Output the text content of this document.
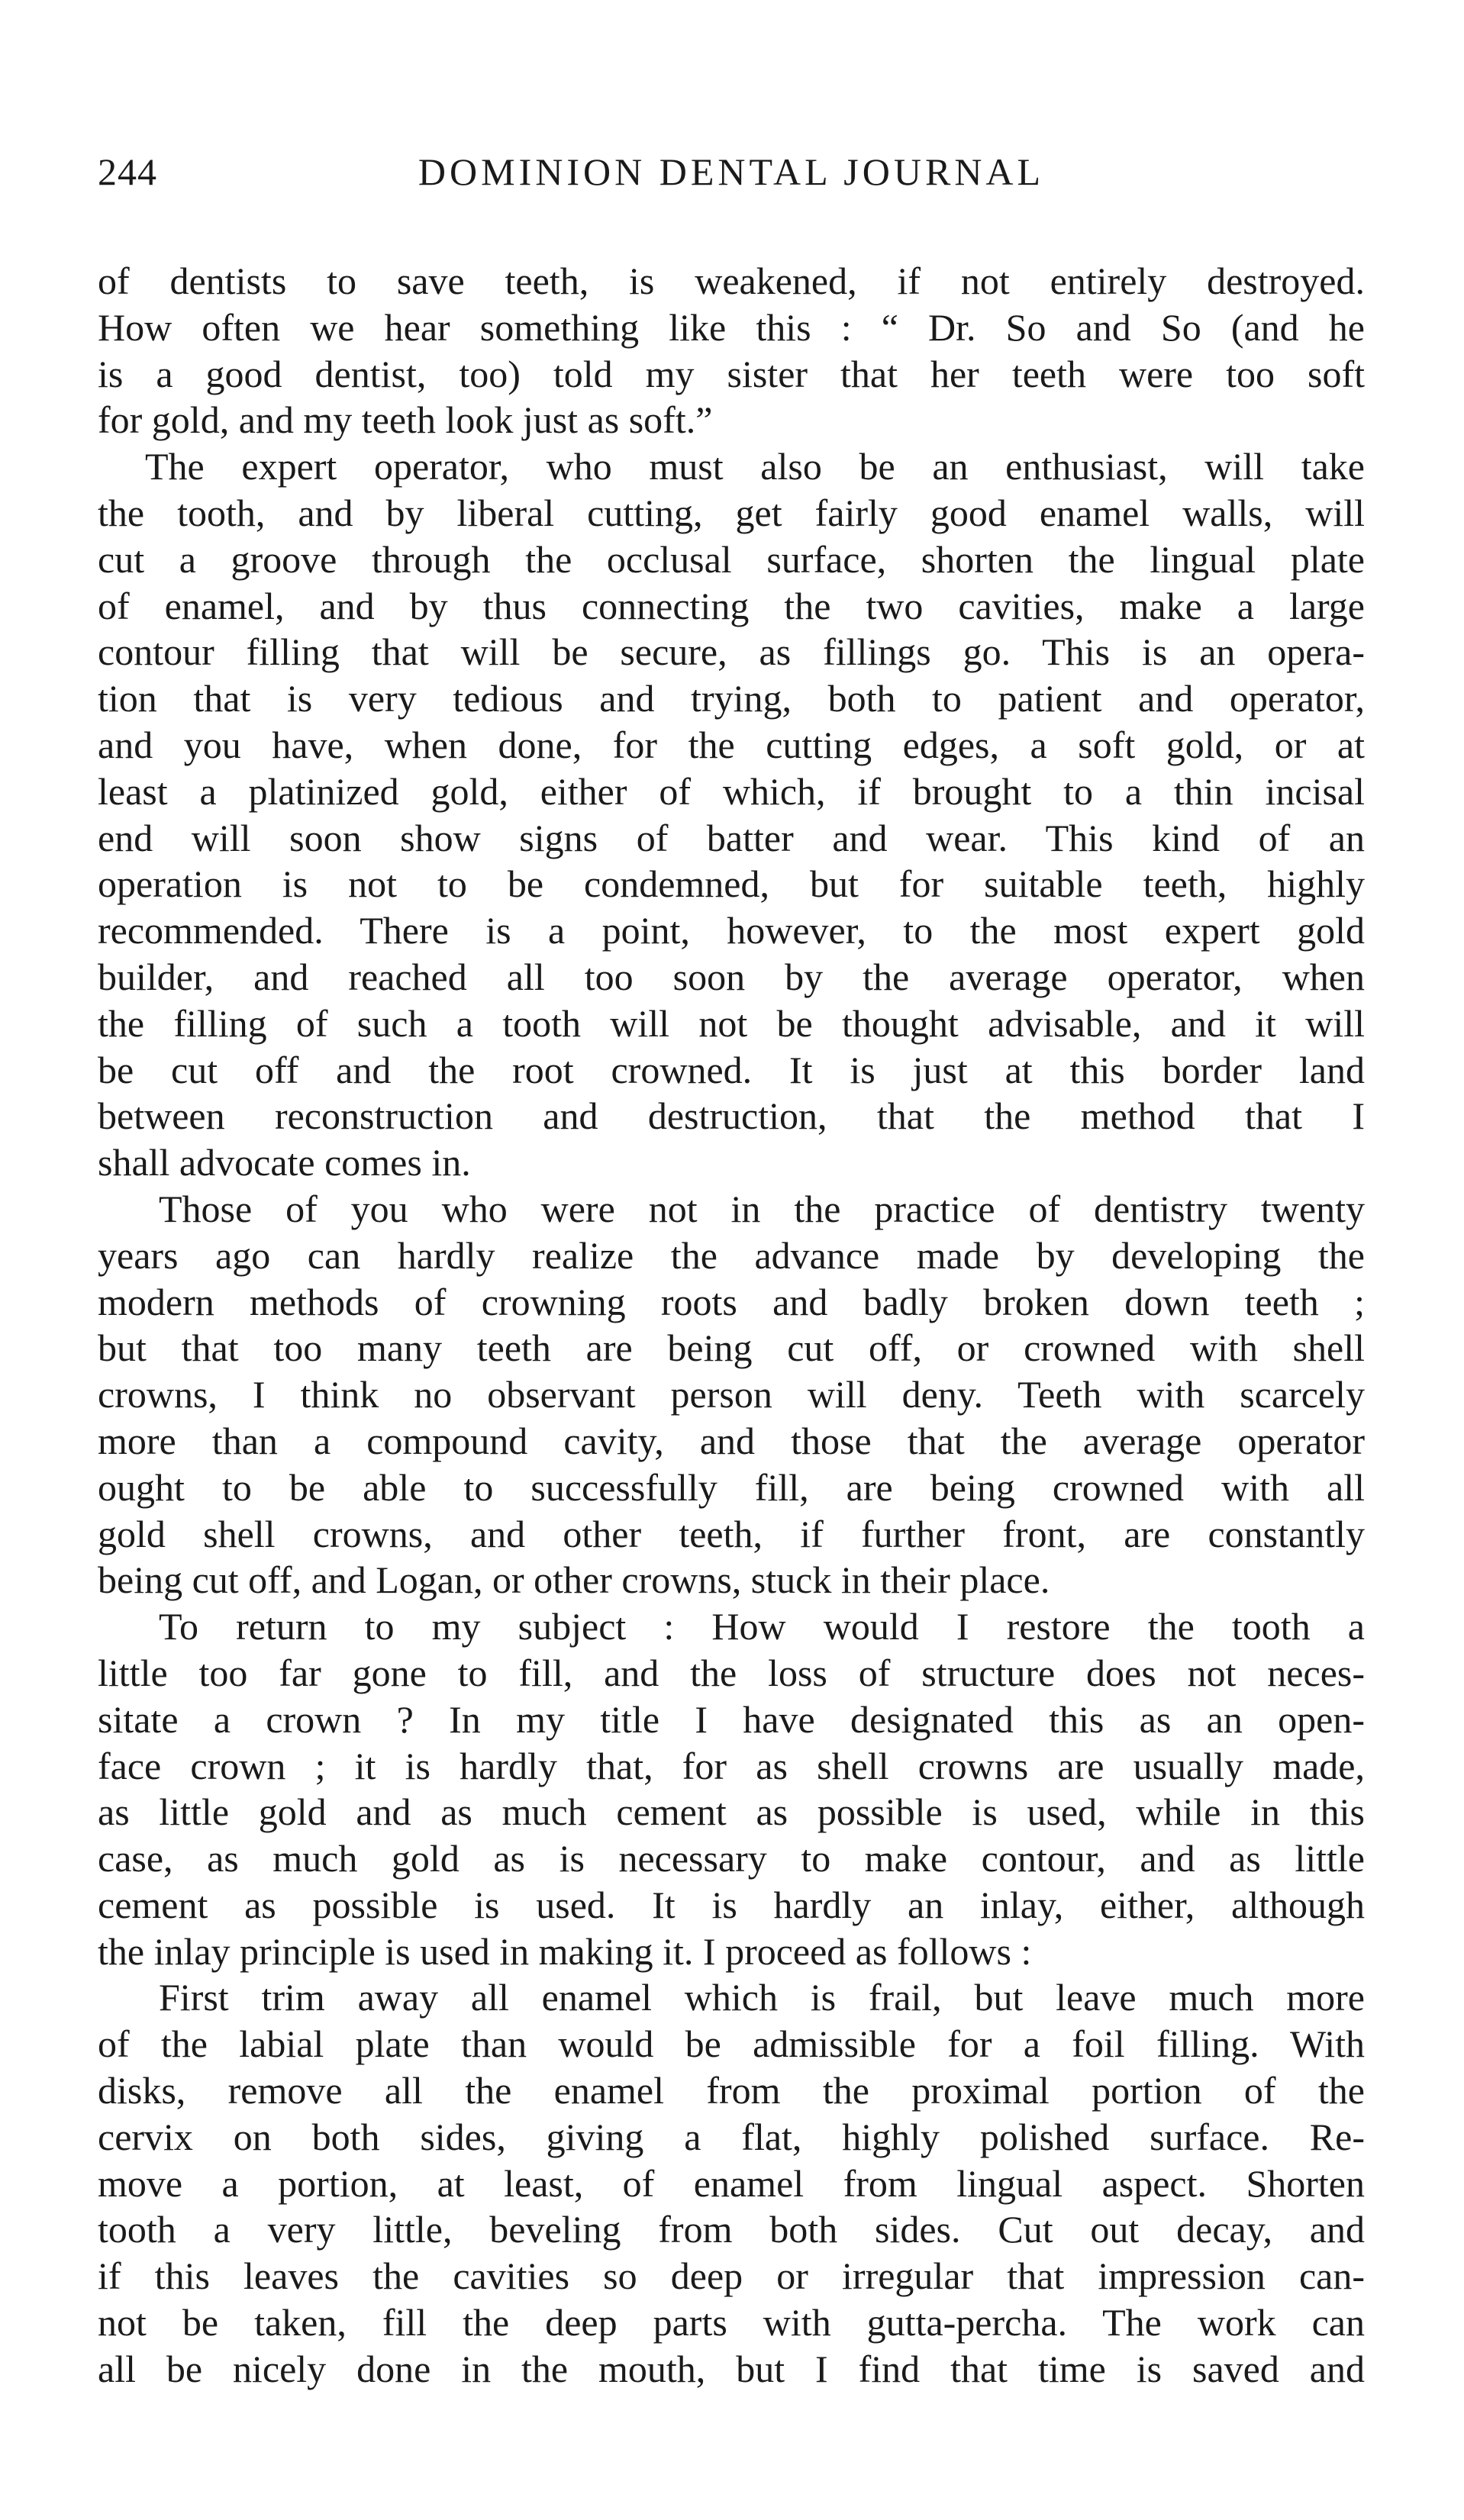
244	DOMINION DENTAL JOURNAL
of dentists to save teeth, is weakened, if not entirely destroyed.
How often we hear something like this : “ Dr. So and So (and he
is a good dentist, too) told my sister that her teeth were too soft
for gold, and my teeth look just as soft.”
The expert operator, who must also be an enthusiast, will take
the tooth, and by liberal cutting, get fairly good enamel walls, will
cut a groove through the occlusal surface, shorten the lingual plate
of enamel, and by thus connecting the two cavities, make a large
contour filling that will be secure, as fillings go. This is an opera-
tion that is very tedious and trying, both to patient and operator,
and you have, when done, for the cutting edges, a soft gold, or at
least a platinized gold, either of which, if brought to a thin incisal
end will soon show signs of batter and wear. This kind of an
operation is not to be condemned, but for suitable teeth, highly
recommended. There is a point, however, to the most expert gold
builder, and reached all too soon by the average operator, when
the filling of such a tooth will not be thought advisable, and it will
be cut off and the root crowned. It is just at this border land
between reconstruction and destruction, that the method that I
shall advocate comes in.
Those of you who were not in the practice of dentistry twenty
years ago can hardly realize the advance made by developing the
modern methods of crowning roots and badly broken down teeth ;
but that too many teeth are being cut off, or crowned with shell
crowns, I think no observant person will deny. Teeth with scarcely
more than a compound cavity, and those that the average operator
ought to be able to successfully fill, are being crowned with all
gold shell crowns, and other teeth, if further front, are constantly
being cut off, and Logan, or other crowns, stuck in their place.
To return to my subject : How would I restore the tooth a
little too far gone to fill, and the loss of structure does not neces-
sitate a crown ? In my title I have designated this as an open-
face crown ; it is hardly that, for as shell crowns are usually made,
as little gold and as much cement as possible is used, while in this
case, as much gold as is necessary to make contour, and as little
cement as possible is used. It is hardly an inlay, either, although
the inlay principle is used in making it. I proceed as follows :
First trim away all enamel which is frail, but leave much more
of the labial plate than would be admissible for a foil filling. With
disks, remove all the enamel from the proximal portion of the
cervix on both sides, giving a flat, highly polished surface. Re-
move a portion, at least, of enamel from lingual aspect. Shorten
tooth a very little, beveling from both sides. Cut out decay, and
if this leaves the cavities so deep or irregular that impression can-
not be taken, fill the deep parts with gutta-percha. The work can
all be nicely done in the mouth, but I find that time is saved and
